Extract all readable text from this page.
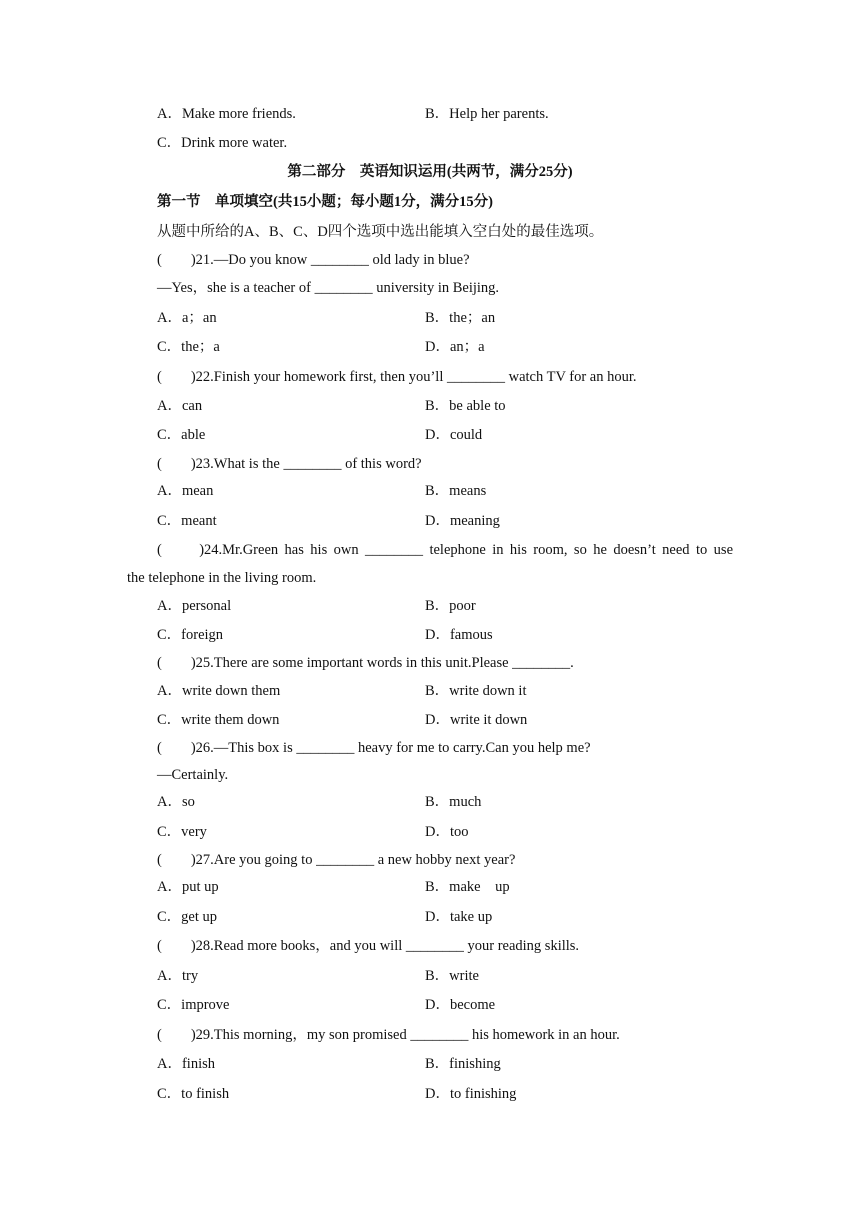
A．Make more friends.	B．Help her parents.
C．Drink more water.
第二部分　英语知识运用(共两节，满分25分)
第一节　单项填空(共15小题；每小题1分，满分15分)
从题中所给的A、B、C、D四个选项中选出能填入空白处的最佳选项。
(　　)21.—Do you know ________ old lady in blue?
—Yes，she is a teacher of ________ university in Beijing.
A．a；an	B．the；an
C．the；a	D．an；a
(　　)22.Finish your homework first, then you’ll ________ watch TV for an hour.
A．can	B．be able to
C．able	D．could
(　　)23.What is the ________ of this word?
A．mean	B．means
C．meant	D．meaning
(　　)24.Mr.Green has his own ________ telephone in his room, so he doesn’t need to use
the telephone in the living room.
A．personal	B．poor
C．foreign	D．famous
(　　)25.There are some important words in this unit.Please ________.
A．write down them	B．write down it
C．write them down	D．write it down
(　　)26.—This box is ________ heavy for me to carry.Can you help me?
—Certainly.
A．so	B．much
C．very	D．too
(　　)27.Are you going to ________ a new hobby next year?
A．put up	B．make　up
C．get up	D．take up
(　　)28.Read more books，and you will ________ your reading skills.
A．try	B．write
C．improve	D．become
(　　)29.This morning，my son promised ________ his homework in an hour.
A．finish	B．finishing
C．to finish	D．to finishing
